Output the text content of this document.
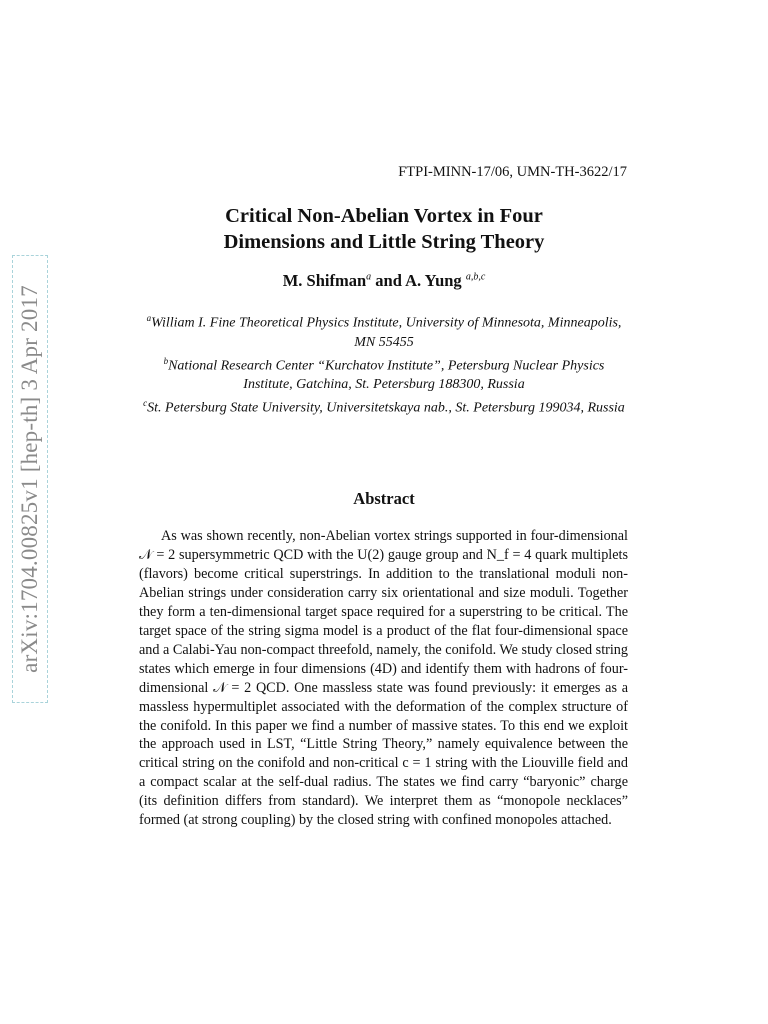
arXiv:1704.00825v1 [hep-th] 3 Apr 2017
FTPI-MINN-17/06, UMN-TH-3622/17
Critical Non-Abelian Vortex in Four
Dimensions and Little String Theory
M. Shifman$^a$ and A. Yung $^{a,b,c}$
$^a$William I. Fine Theoretical Physics Institute, University of Minnesota, Minneapolis, MN 55455
$^b$National Research Center “Kurchatov Institute”, Petersburg Nuclear Physics Institute, Gatchina, St. Petersburg 188300, Russia
$^c$St. Petersburg State University, Universitetskaya nab., St. Petersburg 199034, Russia
Abstract

As was shown recently, non-Abelian vortex strings supported in four-dimensional 𝒩 = 2 supersymmetric QCD with the U(2) gauge group and N_f = 4 quark multiplets (flavors) become critical superstrings. In addition to the translational moduli non-Abelian strings under consideration carry six orientational and size moduli. Together they form a ten-dimensional target space required for a superstring to be critical. The target space of the string sigma model is a product of the flat four-dimensional space and a Calabi-Yau non-compact threefold, namely, the conifold. We study closed string states which emerge in four dimensions (4D) and identify them with hadrons of four-dimensional 𝒩 = 2 QCD. One massless state was found previously: it emerges as a massless hypermultiplet associated with the deformation of the complex structure of the conifold. In this paper we find a number of massive states. To this end we exploit the approach used in LST, “Little String Theory,” namely equivalence between the critical string on the conifold and non-critical c = 1 string with the Liouville field and a compact scalar at the self-dual radius. The states we find carry “baryonic” charge (its definition differs from standard). We interpret them as “monopole necklaces” formed (at strong coupling) by the closed string with confined monopoles attached.
